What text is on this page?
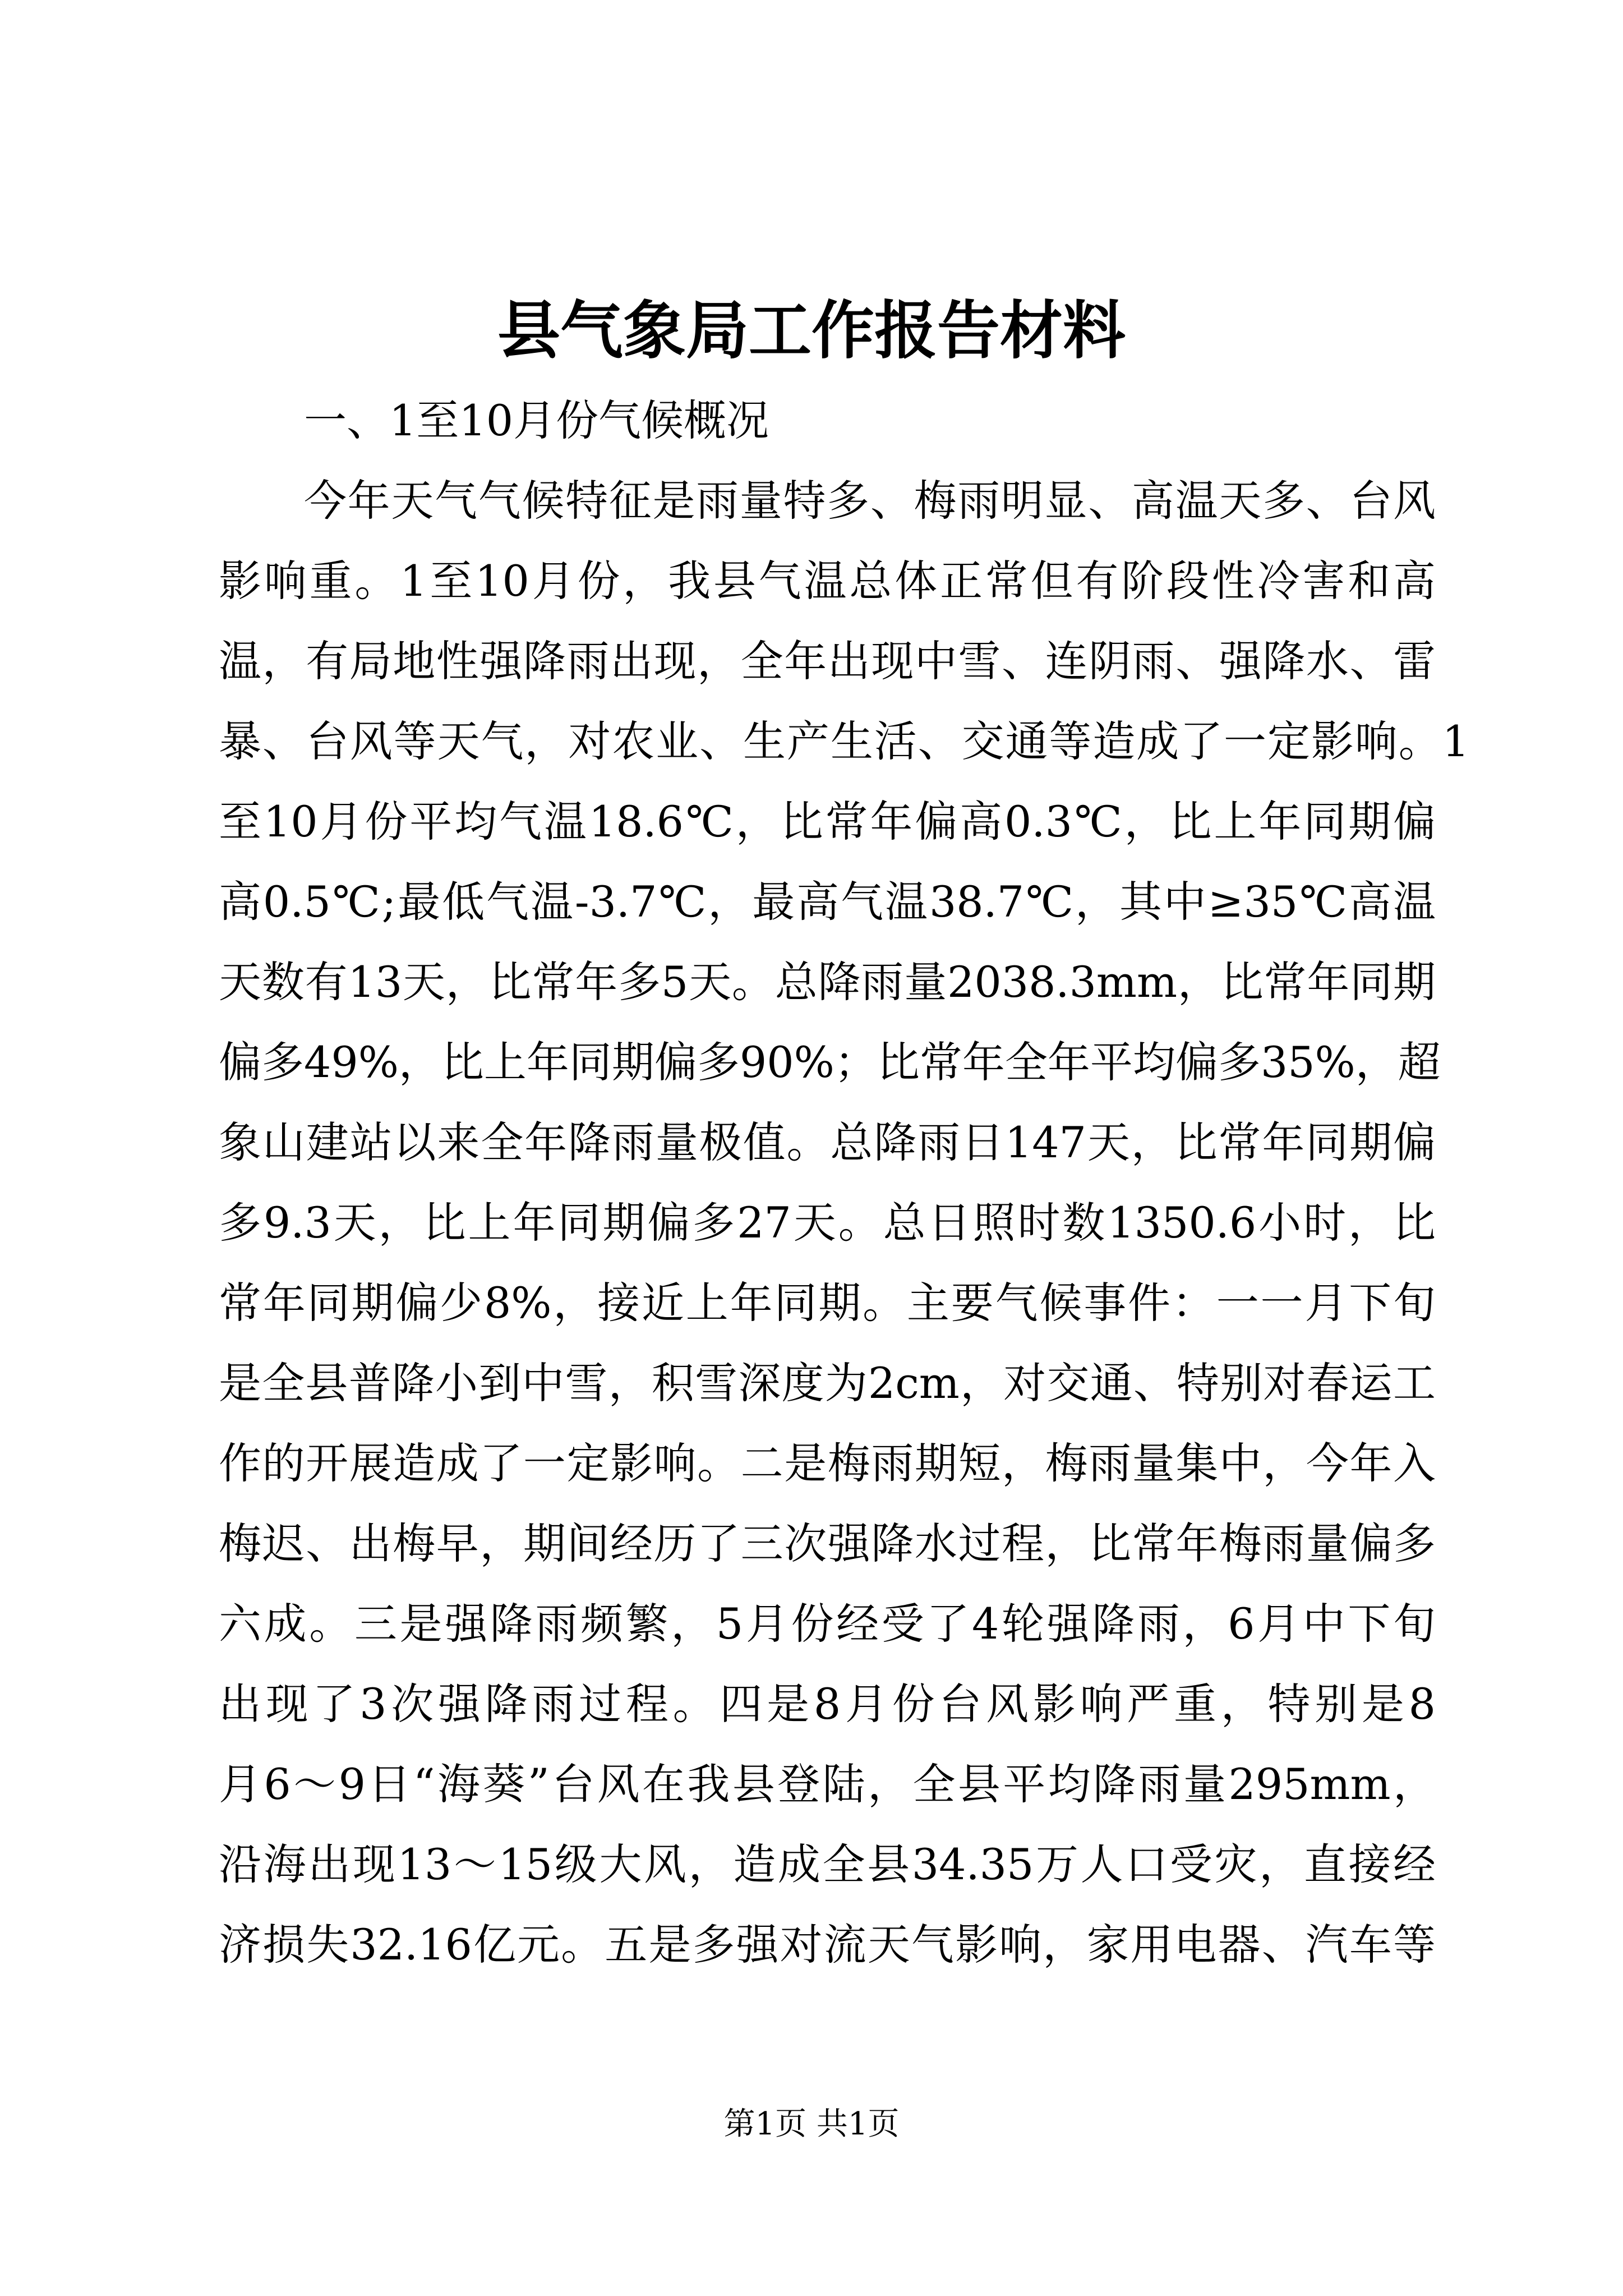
县气象局工作报告材料
一、1至10月份气候概况
今年天气气候特征是雨量特多、梅雨明显、高温天多、台风
影响重。1至10月份，我县气温总体正常但有阶段性冷害和高
温，有局地性强降雨出现，全年出现中雪、连阴雨、强降水、雷
暴、台风等天气，对农业、生产生活、交通等造成了一定影响。1
至10月份平均气温18.6℃，比常年偏高0.3℃，比上年同期偏
高0.5℃;最低气温-3.7℃，最高气温38.7℃，其中≥35℃高温
天数有13天，比常年多5天。总降雨量2038.3mm，比常年同期
偏多49%，比上年同期偏多90%；比常年全年平均偏多35%，超
象山建站以来全年降雨量极值。总降雨日147天，比常年同期偏
多9.3天，比上年同期偏多27天。总日照时数1350.6小时，比
常年同期偏少8%，接近上年同期。主要气候事件：一一月下旬
是全县普降小到中雪，积雪深度为2cm，对交通、特别对春运工
作的开展造成了一定影响。二是梅雨期短，梅雨量集中，今年入
梅迟、出梅早，期间经历了三次强降水过程，比常年梅雨量偏多
六成。三是强降雨频繁，5月份经受了4轮强降雨，6月中下旬
出现了3次强降雨过程。四是8月份台风影响严重，特别是8
月6～9日“海葵”台风在我县登陆，全县平均降雨量295mm，
沿海出现13～15级大风，造成全县34.35万人口受灾，直接经
济损失32.16亿元。五是多强对流天气影响，家用电器、汽车等
第1页 共1页
